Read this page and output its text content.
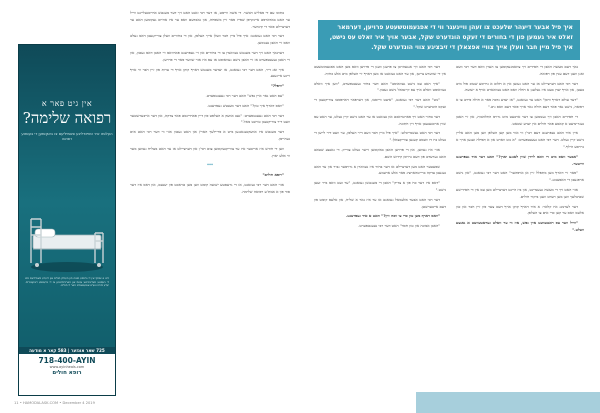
אין גיט פאר א
רפואה שלימה?
העלפט איר טוויינדליגע פאמיליעס צו באקומען די בעסטע רפואה
זייט א שותף אין די גרויסע מצוה פון העלפן חולים און זייערע פאמיליעס מיט די בעסטע מעדיצינישע עצות און פארבינדונגען צו די גרעסטע דאקטוירים. יעדע נדבה ווערט אנגעוואנדט פאר די חולים.
725 שאר אונזער | 583 קאר א מודעה
718-400-AYIN
www.ayinheals.com
רופא חולים

בתוכו עם די פאליש הכשר. די אשה ווייסט, אז דער רבי זאגט האט זיך דער מענטש ארויסגעלייגט ווייל ער האט באדארפט איינקויפן שפייז פאר זיין משפחה, און נאכדעם וואס ער איז אהיים געקומען האט ער דערציילט פאר די קינדער.

דער רבי האט געזאגט: איך פיל מיין חבר וועלן אייך העלפן, און די בחורים וועלן צוריקגעבן דאס געלט וואס זיי האבן גענומען.

דערנאך האט זיך דער מענטש געוואנדן צו די בחורים און זיי געפרעגט פארוואס זיי האבן דאס געטון, און זיי האבן געענטפערט אז זיי האבן נישט געוואוסט אז עס איז אזוי שווער פאר די פרויען.

איך זאג דיר, האט דער רבי געזאגט, אז יעדער מענטש דארף קוקן אויף די צרות פון זיין חבר ווי אויף זיינע אייגענע.

"וויפל?"

"עס האט נאר איין נפש" האט דער רבי געענטפערט.

"וואס דארף איך טון?" האט דער מענטש געפרעגט.

דער רבי האט געענטפערט: "געב אוועק א העלפט פון דיין פארדינסט פאר צדקה, און דער אייבערשטער וועט דיר צוריקגעבן טויזנט מאל."

דער מענטש איז אוועקגעגאנגען מיט א פריילעך הארץ און האט געטון אזוי ווי דער רבי האט אים געהייסן.

ווען די חודש איז אריבער איז ער צוריקגעקומען צום רבי'ן און דערציילט אז ער האט מצליח געווען מער ווי אלע יארן.

***

"רופא חולים"

אזוי האט דער רבי געזאגט, אז די גרעסטע ישועה קומט ווען מען טראכט פון יענעם, און דאס איז דער סוד פון א אמת'ע רפואה שלימה.

11 • HAMODIA.ASK.COM • December 4 2019

דער רבי האט זיך אנגעהויבן צו פרעגן וועגן די פרויען וואס מען האט אפגעמוטשעט אין די שווערע צייטן, און ער האט געזאגט אז מען דארף זיי העלפן מיט אלע כחות.

"איך האב עס נישט געוואוסט" האט דער בחור געענטפערט, "ווען איך וואלט געוואוסט וואלט איך עס קיינמאל נישט געטון."

"גוט" האט דער רבי געזאגט, "איצט ווייסטו, און דערפאר דארפסטו צוריקגעבן די זעקס הונדערט שקל."

דער בחור האט זיך פארטראכט און געזאגט אז ער האט נישט קיין געלט, ער האט עס שוין אויסגעגעבן אויף זיין חתונה.

דער רבי האט געשמייכלט: "איך פיל מיין חבר וועט דיר העלפן, ער וועט דיר לייען די געלט ביז דו וועסט קענען צוריקצאלן."

אזוי איז געווען, און די פרויען האבן באקומען זייער געלט צוריק. די גאנצע שטאט האט גערעדט פון דעם גרויסן קידוש השם.

שפעטער האט מען דערציילט אז דער בחור איז געווארן א גרויסער גביר און ער האט געגעבן צדקה ברייטהארציג פאר אלע ארעמע.

"דאס איז דער כח פון א צדיק" האבן די מענטשן געזאגט, "ער זעט וואס מיר זעען נישט."

דער רבי האט אבער אלעמאל געזאגט אז ער איז נאר א שליח, און אלעס קומט פון דעם אייבערשטן.

"וואס דארף מען טון כדי צו זוכה זיין?" האט א איד געפרעגט.

"האבן אמונה און טון חסד" האט דער רבי געענטפערט.

נאך דעם מעשה האבן די חסידים זיך צוזאמגעקומען צו הערן וואס דער רבי וועט זאגן וועגן דעם ענין פון רפואה.

דער רבי האט דערציילט אז ער האט געזען אין א חלום א גרויסע שטוב פול מיט בעטן, און אויף יעדן בעט איז געלעגן א חולה וואס האט געוואארט אויף א ישועה.

"דער עולם דארף וויסן" האט ער געזאגט, "אז יעדע נדבה פאר א חולה פירט צו א רפואה, נישט נאר פאר דעם חולה נאר אויך פאר דעם וואס גיט."

די חסידים האבן זיך גענומען צו דער ארבעט מיט גרויס התלהבות, און זיי האבן געגרינדעט א קאסע פאר חולים אין יעדע שטאט.

איין איד האט געפרעגט דעם רבי'ן ווי אזוי מען קען העלפן ווען מען האט אליין נישט קיין געלט. דער רבי האט געענטפערט: "א גוט ווארט און א תפילה זענען אויך א גרויסע הילף."

"אבער וואס מיט די וואס ליידן שוין לאנגע יארן?" האט דער איד געפרעגט ווייטער.

"פאר זיי דארף מען מתפלל זיין אן אויפהער" האט דער רבי געזאגט, "און נישט אויפגעבן די האפענונג."

אזוי האט זיך די מעשה געענדיגט, און ביז היינט דערציילט מען עס אין די חסידישע שטיבלעך ווען מען רעדט וועגן ביקור חולים.

דער לערנונג איז קלאר: א איד דארף קוקן אויף דעם צער פון זיין חבר און טון אלעס וואס ער קען כדי אים צו העלפן.

"ווייל ווער עס ראטעוועט איין נפש, איז ווי ער וואלט געראטעוועט א גאנצע וועלט."

איך פיל אבער דיעהר שלעכט צו זעהן ווייגעגר ווי די אפגעמוטשעטע פרויען, דערמאר זאלט איר געמען פון די בחורים די זעקס הונדערט שקל, אבער אויך איר זאלט עס נישט, איך פיל מיין חבר וועלן אייך צוויי אפצאלן די זיבציגע צווי הונדערט שקל.
